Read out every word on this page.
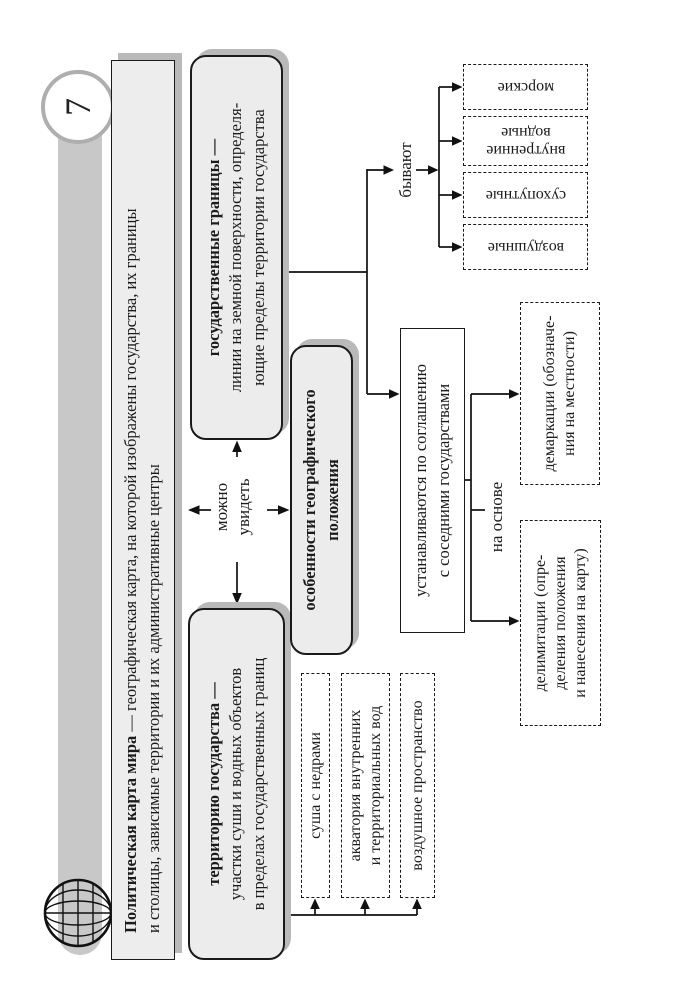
7
Политическая карта мира — географическая карта, на которой изображены государства, их границы и столицы, зависимые территории и их административные центры	территорию государства — участки суши и водных объектов в пределах государственных границ
государственные границы — линии на земной поверхности, определя- ющие пределы территории государства
можно увидеть	особенности географического положения	устанавливаются по соглашению с соседними государствами
бывают
воздушные
сухопутные
внутренние
водные
морские
на основе
делимитации (опре- деления положения и нанесения на карту)
демаркации (обозначе- ния на местности)
суша с недрами акватория внутренних и территориальных вод воздушное пространство
